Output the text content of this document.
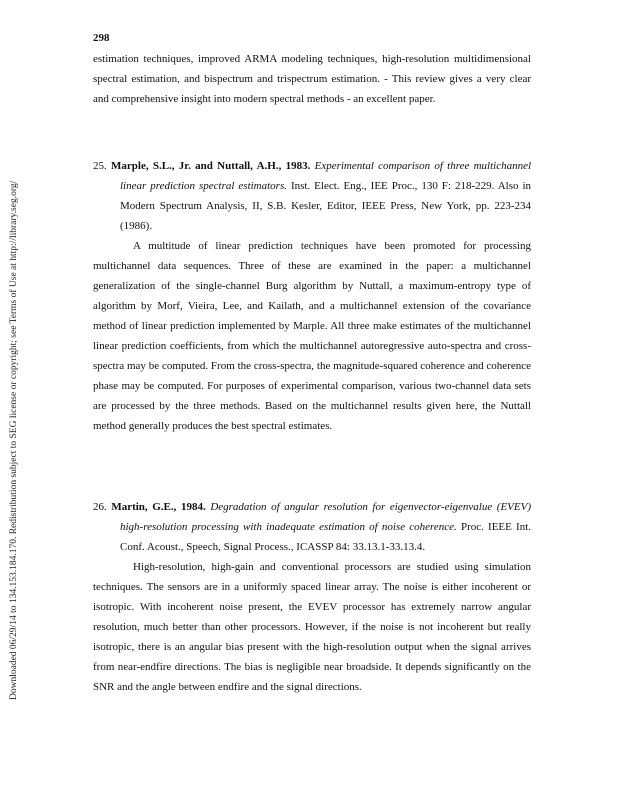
298
Downloaded 06/29/14 to 134.153.184.170. Redistribution subject to SEG license or copyright; see Terms of Use at http://library.seg.org/

estimation techniques, improved ARMA modeling techniques, high-resolution multidimensional spectral estimation, and bispectrum and trispectrum estimation. - This review gives a very clear and comprehensive insight into modern spectral methods - an excellent paper.

25. Marple, S.L., Jr. and Nuttall, A.H., 1983. Experimental comparison of three multichannel linear prediction spectral estimators. Inst. Elect. Eng., IEE Proc., 130 F: 218-229. Also in Modern Spectrum Analysis, II, S.B. Kesler, Editor, IEEE Press, New York, pp. 223-234 (1986).

A multitude of linear prediction techniques have been promoted for processing multichannel data sequences. Three of these are examined in the paper: a multichannel generalization of the single-channel Burg algorithm by Nuttall, a maximum-entropy type of algorithm by Morf, Vieira, Lee, and Kailath, and a multichannel extension of the covariance method of linear prediction implemented by Marple. All three make estimates of the multichannel linear prediction coefficients, from which the multichannel autoregressive auto-spectra and cross-spectra may be computed. From the cross-spectra, the magnitude-squared coherence and coherence phase may be computed. For purposes of experimental comparison, various two-channel data sets are processed by the three methods. Based on the multichannel results given here, the Nuttall method generally produces the best spectral estimates.

26. Martin, G.E., 1984. Degradation of angular resolution for eigenvector-eigenvalue (EVEV) high-resolution processing with inadequate estimation of noise coherence. Proc. IEEE Int. Conf. Acoust., Speech, Signal Process., ICASSP 84: 33.13.1-33.13.4.

High-resolution, high-gain and conventional processors are studied using simulation techniques. The sensors are in a uniformly spaced linear array. The noise is either incoherent or isotropic. With incoherent noise present, the EVEV processor has extremely narrow angular resolution, much better than other processors. However, if the noise is not incoherent but really isotropic, there is an angular bias present with the high-resolution output when the signal arrives from near-endfire directions. The bias is negligible near broadside. It depends significantly on the SNR and the angle between endfire and the signal directions.
